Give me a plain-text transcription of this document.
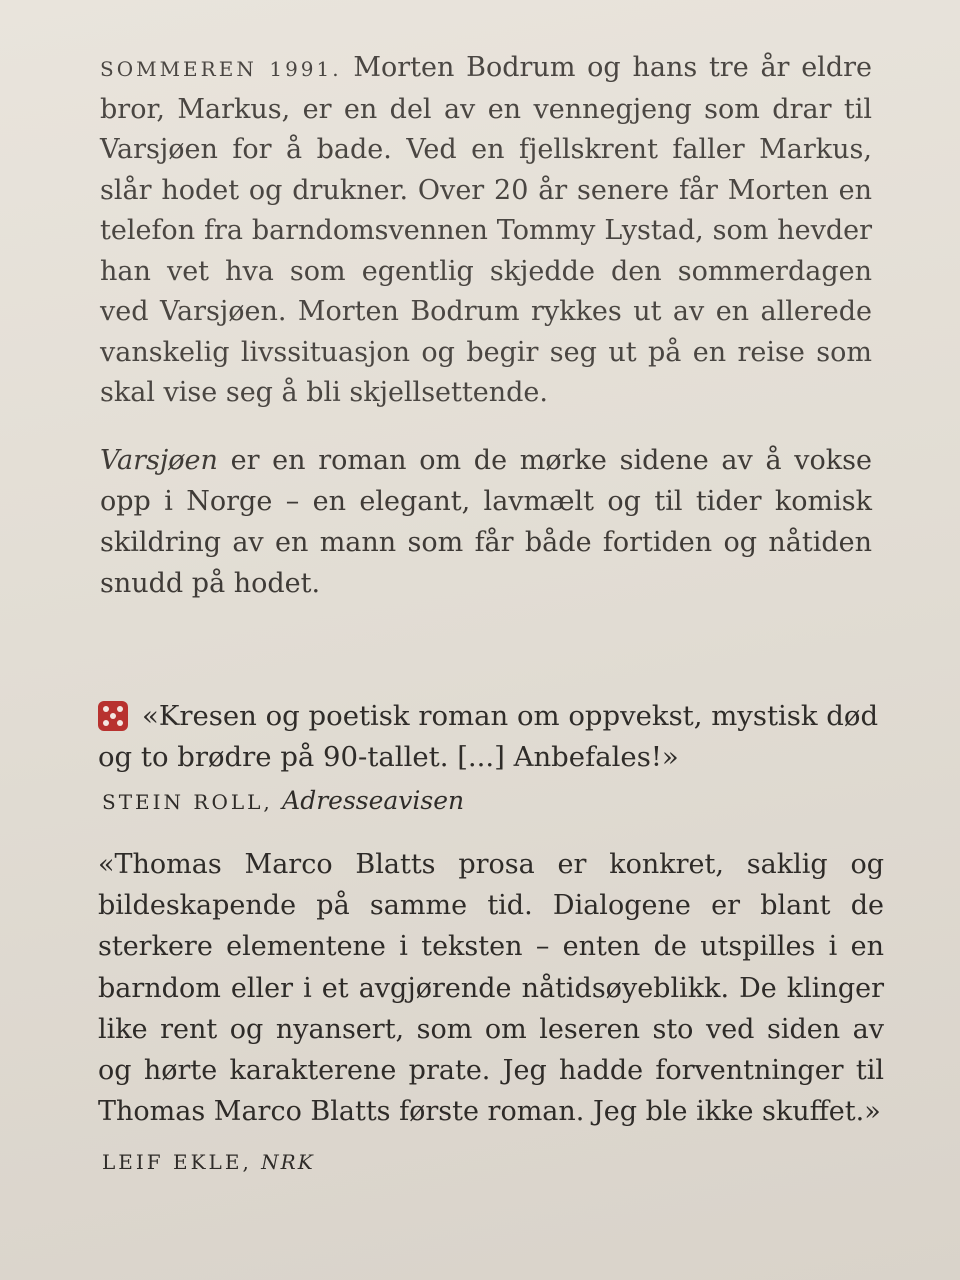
SOMMEREN 1991. Morten Bodrum og hans tre år eldre bror, Markus, er en del av en vennegjeng som drar til Varsjøen for å bade. Ved en fjellskrent faller Markus, slår hodet og drukner. Over 20 år senere får Morten en telefon fra barndomsvennen Tommy Lystad, som hevder han vet hva som egentlig skjedde den sommerdagen ved Varsjøen. Morten Bodrum rykkes ut av en allerede vanskelig livssituasjon og begir seg ut på en reise som skal vise seg å bli skjellsettende.

Varsjøen er en roman om de mørke sidene av å vokse opp i Norge – en elegant, lavmælt og til tider komisk skildring av en mann som får både fortiden og nåtiden snudd på hodet.

«Kresen og poetisk roman om oppvekst, mystisk død og to brødre på 90-tallet. [...] Anbefales!»

STEIN ROLL, Adresseavisen

«Thomas Marco Blatts prosa er konkret, saklig og bildeskapende på samme tid. Dialogene er blant de sterkere elementene i teksten – enten de utspilles i en barndom eller i et avgjørende nåtidsøyeblikk. De klinger like rent og nyansert, som om leseren sto ved siden av og hørte karakterene prate. Jeg hadde forventninger til Thomas Marco Blatts første roman. Jeg ble ikke skuffet.»

LEIF EKLE, NRK
